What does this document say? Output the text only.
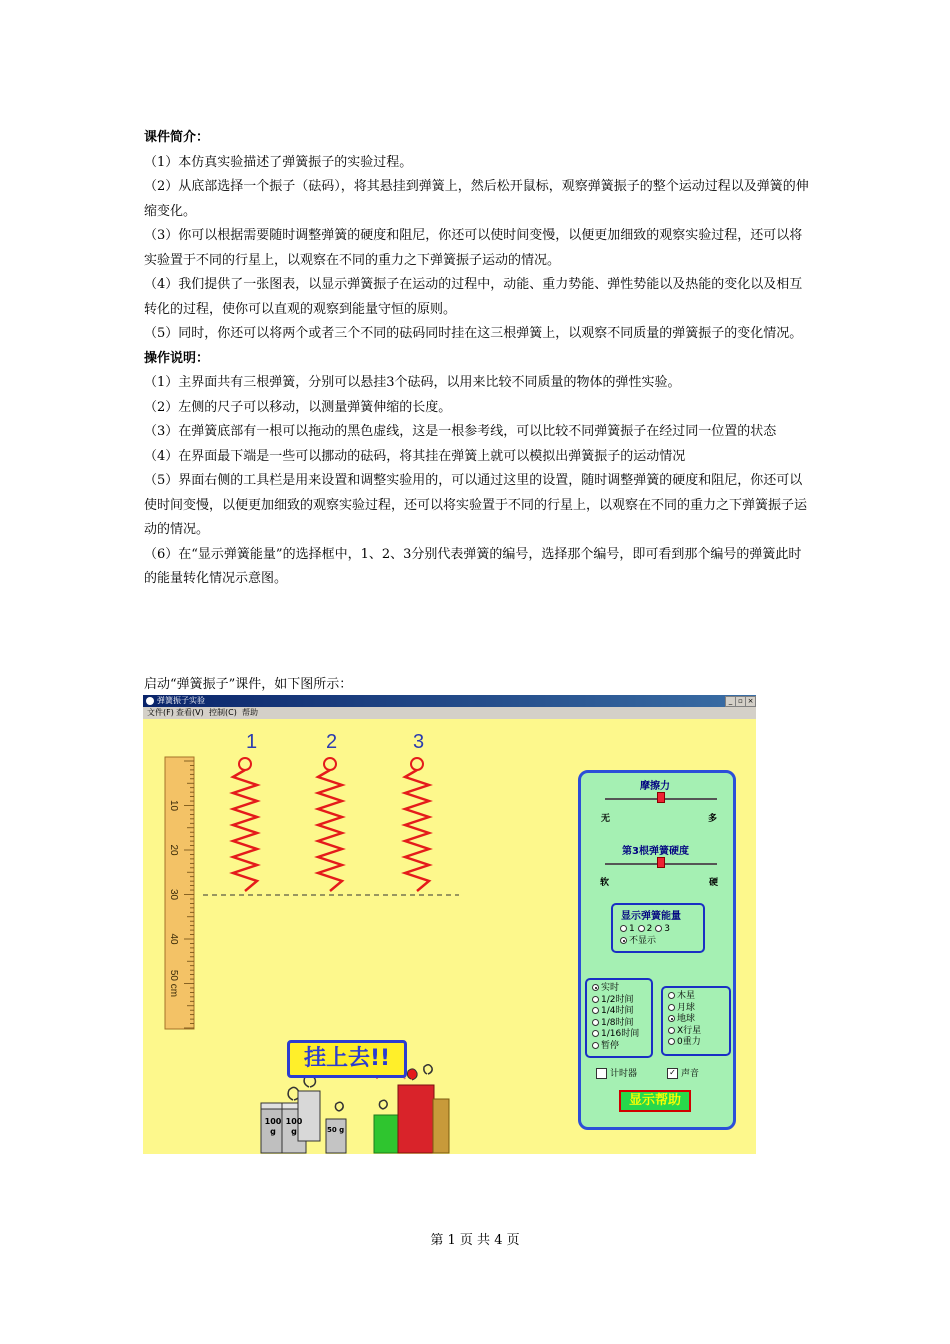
课件简介：
（1）本仿真实验描述了弹簧振子的实验过程。
（2）从底部选择一个振子（砝码），将其悬挂到弹簧上，然后松开鼠标，观察弹簧振子的整个运动过程以及弹簧的伸缩变化。
（3）你可以根据需要随时调整弹簧的硬度和阻尼，你还可以使时间变慢，以便更加细致的观察实验过程，还可以将实验置于不同的行星上，以观察在不同的重力之下弹簧振子运动的情况。
（4）我们提供了一张图表，以显示弹簧振子在运动的过程中，动能、重力势能、弹性势能以及热能的变化以及相互转化的过程，使你可以直观的观察到能量守恒的原则。
（5）同时，你还可以将两个或者三个不同的砝码同时挂在这三根弹簧上，以观察不同质量的弹簧振子的变化情况。
操作说明：
（1）主界面共有三根弹簧，分别可以悬挂3个砝码，以用来比较不同质量的物体的弹性实验。
（2）左侧的尺子可以移动，以测量弹簧伸缩的长度。
（3）在弹簧底部有一根可以拖动的黑色虚线，这是一根参考线，可以比较不同弹簧振子在经过同一位置的状态
（4）在界面最下端是一些可以挪动的砝码，将其挂在弹簧上就可以模拟出弹簧振子的运动情况
（5）界面右侧的工具栏是用来设置和调整实验用的，可以通过这里的设置，随时调整弹簧的硬度和阻尼，你还可以使时间变慢，以便更加细致的观察实验过程，还可以将实验置于不同的行星上，以观察在不同的重力之下弹簧振子运动的情况。
（6）在“显示弹簧能量”的选择框中，1、2、3分别代表弹簧的编号，选择那个编号，即可看到那个编号的弹簧此时的能量转化情况示意图。
启动“弹簧振子”课件，如下图所示：
弹簧振子实验	_ ▫ ×
文件(F) 查看(V) 控制(C) 帮助
10
20
30
40
50 cm
1	2	3
100 g
100 g	50 g
挂上去!!
摩擦力
无	多
第3根弹簧硬度
软	硬
显示弹簧能量
1 2 3
不显示
实时
1/2时间
1/4时间
1/8时间
1/16时间
暂停
木星
月球
地球
X行星
0重力
计时器	✓ 声音
显示帮助
第 1 页 共 4 页
